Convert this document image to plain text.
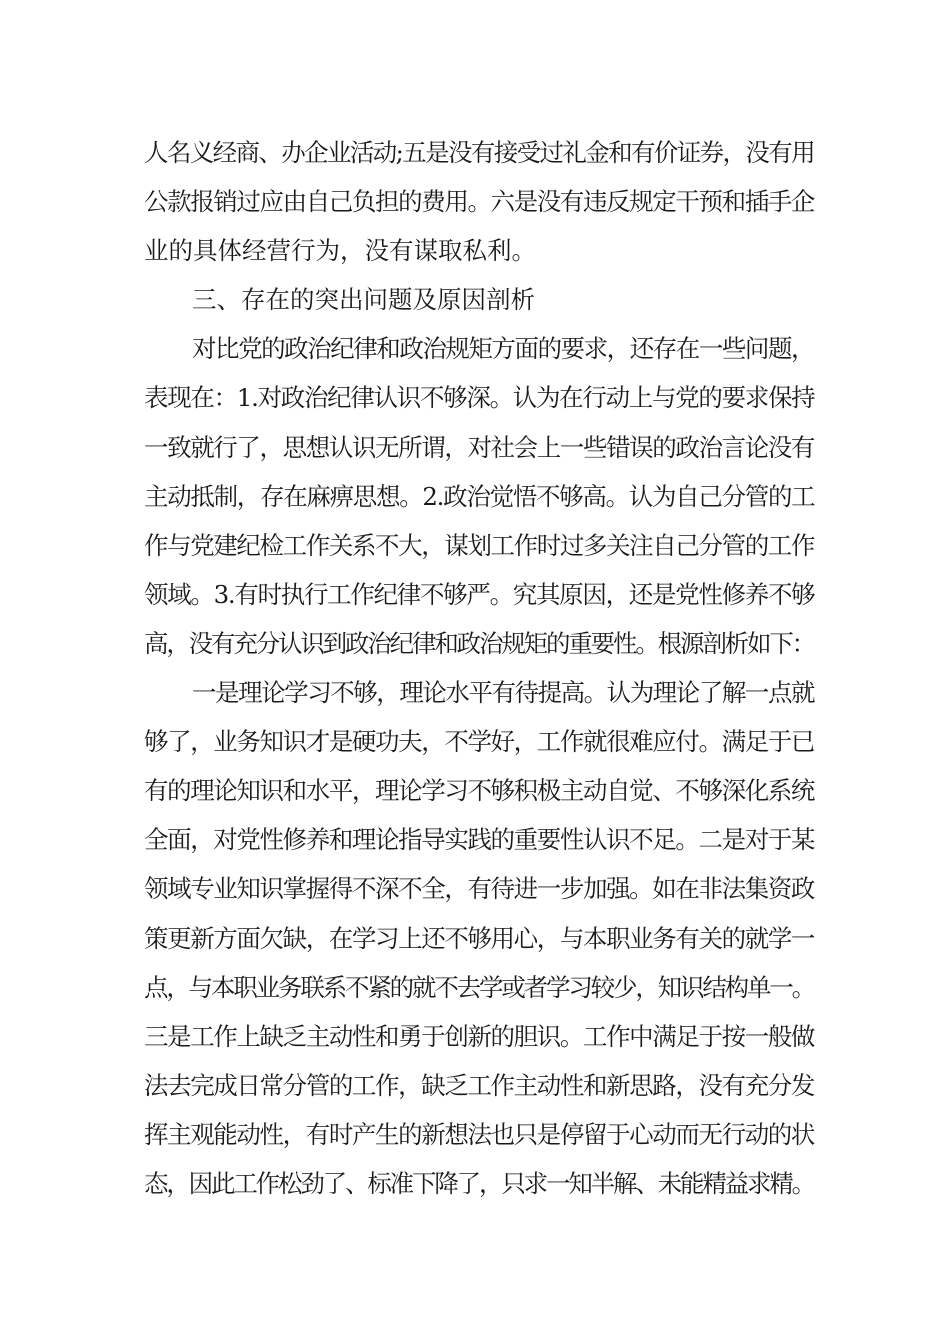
人名义经商、办企业活动;五是没有接受过礼金和有价证券，没有用
公款报销过应由自己负担的费用。六是没有违反规定干预和插手企
业的具体经营行为，没有谋取私利。
三、存在的突出问题及原因剖析
对比党的政治纪律和政治规矩方面的要求，还存在一些问题，
表现在：1.对政治纪律认识不够深。认为在行动上与党的要求保持
一致就行了，思想认识无所谓，对社会上一些错误的政治言论没有
主动抵制，存在麻痹思想。2.政治觉悟不够高。认为自己分管的工
作与党建纪检工作关系不大，谋划工作时过多关注自己分管的工作
领域。3.有时执行工作纪律不够严。究其原因，还是党性修养不够
高，没有充分认识到政治纪律和政治规矩的重要性。根源剖析如下：
一是理论学习不够，理论水平有待提高。认为理论了解一点就
够了，业务知识才是硬功夫，不学好，工作就很难应付。满足于已
有的理论知识和水平，理论学习不够积极主动自觉、不够深化系统
全面，对党性修养和理论指导实践的重要性认识不足。二是对于某
领域专业知识掌握得不深不全，有待进一步加强。如在非法集资政
策更新方面欠缺，在学习上还不够用心，与本职业务有关的就学一
点，与本职业务联系不紧的就不去学或者学习较少，知识结构单一。
三是工作上缺乏主动性和勇于创新的胆识。工作中满足于按一般做
法去完成日常分管的工作，缺乏工作主动性和新思路，没有充分发
挥主观能动性，有时产生的新想法也只是停留于心动而无行动的状
态，因此工作松劲了、标准下降了，只求一知半解、未能精益求精。
